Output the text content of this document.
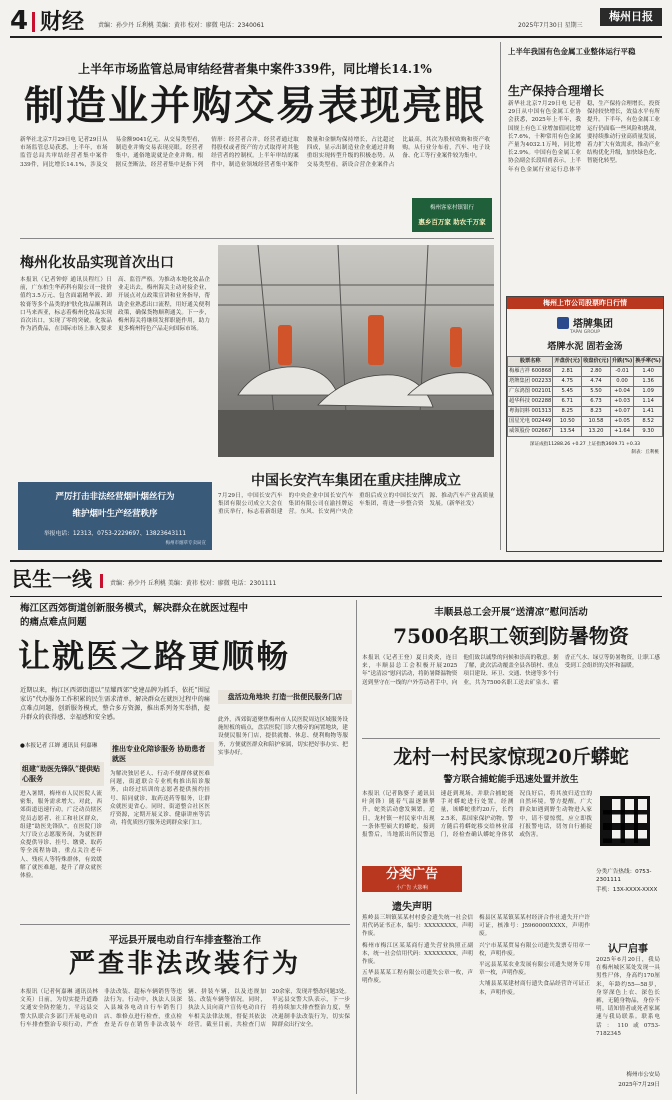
4 财经 责编：孙少丹 丘利桃 美编：黄祎 校对：廖微 电话：2340061	2025年7月30日 星期三
梅州日报
上半年市场监管总局审结经营者集中案件339件，同比增长14.1%
制造业并购交易表现亮眼
新华社北京7月29日电 记者29日从市场监管总局获悉，上半年，市场监管总局共审结经营者集中案件339件，同比增长14.1%，涉及交易金额9041亿元。从交易类型看，制造业并购交易表现亮眼。经营者集中，通俗地说就是企业并购。根据反垄断法，经营者集中是指下列情形：经营者合并，经营者通过取得股权或者资产的方式取得对其他经营者的控制权。上半年审结的案件中，制造业领域经营者集中案件数量和金额均保持增长，占比超过四成，显示出制造业企业通过并购重组实现转型升级的积极态势。从交易类型看，新设合营企业案件占比最高，其次为股权收购和资产收购。从行业分布看，汽车、电子设备、化工等行业案件较为集中。
梅州客家村镇银行
惠乡百万家 助农千万家
梅州化妆品实现首次出口
本报讯（记者钟婷 通讯员程红）日前，广东柏生华药科有限公司一批价值约3.5万元、包含面霜精华液、卸妆膏等多个品类的护肤化妆品顺利出口马来西亚，标志着梅州化妆品实现首次出口，实现了零的突破。化妆品作为消费品，在国际市场上准入要求高、监管严格。为推动本地化妆品企业走出去，梅州海关主动对接企业，开展点对点政策宣讲和业务指导，帮助企业熟悉出口流程，用好通关便利政策，确保货物顺利通关。下一步，梅州海关将继续发挥职能作用，助力更多梅州特色产品走向国际市场。
严厉打击非法经营烟叶烟丝行为
维护烟叶生产经营秩序
举报电话：12313、0753-2229697、13823643111
梅州市烟草专卖局宣
中国长安汽车集团在重庆挂牌成立
7月29日，中国长安汽车集团有限公司成立大会在重庆举行，标志着新组建的中央企业中国长安汽车集团有限公司在渝挂牌运营。东风、长安两户央企重组后成立的中国长安汽车集团，将进一步整合资源、推动汽车产业高质量发展。（新华社发）
上半年我国有色金属工业整体运行平稳
生产保持合理增长
新华社北京7月29日电 记者29日从中国有色金属工业协会获悉，2025年上半年，我国规上有色工业增加值同比增长7.6%，十种常用有色金属产量为4032.1万吨，同比增长2.9%。中国有色金属工业协会副会长段绍甫表示，上半年有色金属行业运行总体平稳，生产保持合理增长，投资保持较快增长，效益水平有所提升。下半年，有色金属工业运行仍面临一些风险和挑战，要持续推动行业高质量发展，着力扩大有效需求，推动产业结构优化升级，加快绿色化、智能化转型。
梅州上市公司股票昨日行情
塔牌集团
TAPAI GROUP
塔牌水泥 固若金汤
股票名称	开盘价(元)	收盘价(元)	升跌(%)	换手率(%)
梅雁吉祥 600868	2.81	2.80	-0.01	1.40
塔牌集团 002233	4.75	4.74	0.00	1.36
广东鸿图 002101	5.45	5.50	+0.04	1.09
超华科技 002288	6.71	6.73	+0.03	1.14
粤海饲料 001313	8.25	8.23	+0.07	1.41
国星光电 002449	10.50	10.58	+0.05	8.52
威领股份 002667	13.54	13.20	+1.64	9.30
深证成指11288.26 +0.27 上证指数3609.71 +0.33
制表：丘利桃
民生一线	责编：孙少丹 丘利桃 美编：黄祎 校对：廖微 电话：2301111
梅江区西郊街道创新服务模式，解决群众在就医过程中
的痛点难点问题
让就医之路更顺畅
近期以来，梅江区西郊街道以“星耀西郊”党建品牌为抓手，依托“围屋家访”代办服务工作积累的民生需求清单，解决群众在就医过程中的痛点难点问题，创新服务模式，整合多方资源，推出系列务实举措，提升群众的获得感、幸福感和安全感。
●本报记者 江婵 通讯员 何嘉琳
组建“助医先锋队”提供贴心服务
进入暑期，梅州市人民医院人流密集，服务需求增大。对此，西郊街道迅速行动，广泛动员辖区党员志愿者、社工和社区群众，组建“助医先锋队”，在医院门诊大厅设立志愿服务岗，为就医群众提供导诊、挂号、缴费、取药等全流程协助，重点关注老年人、残疾人等特殊群体，有效缓解了就医难题，提升了群众就医体验。
推出专业化陪诊服务 协助患者就医
为解决独居老人、行动不便群体就医难问题，街道联合专业机构推出陪诊服务，由经过培训的志愿者提供预约挂号、陪同就诊、取药送药等服务，让群众就医更省心。同时，街道整合社区医疗资源，定期开展义诊、健康讲座等活动，将优质医疗服务送到群众家门口。
盘活边角地块 打造一批便民服务门店
此外，西郊街道聚焦梅州市人民医院周边区域服务设施短板的痛点，盘活医院门诊大楼旁的闲置地块，建设便民服务门店，提供就餐、休息、便利购物等服务，方便就医群众和陪护家属，切实把好事办实、把实事办好。
平远县开展电动自行车排查整治工作
严查非法改装行为
本报讯（记者何嘉琳 通讯员林文英）日前，为切实提升道路交通安全防控能力，平远县交警大队联合多部门开展电动自行车排查整治专项行动，严查非法改装、超标车辆销售等违法行为。行动中，执法人员深入县城各电动自行车销售门店、维修点进行检查，重点检查是否存在销售非法改装车辆、拼装车辆，以及违规加装、改装车辆等情况。同时，执法人员向商户宣传电动自行车相关法律法规，督促其依法经营。截至目前，共检查门店20余家，发现并整改问题3处。平远县交警大队表示，下一步将持续加大排查整治力度，坚决遏制非法改装行为，切实保障群众出行安全。
丰顺县总工会开展“送清凉”慰问活动
7500名职工领到防暑物资
本报讯（记者王登）夏日炎炎，连日来，丰顺县总工会积极开展2025年“送清凉”慰问活动，将防暑降温物资送到坚守在一线的户外劳动者手中，向他们致以诚挚的问候和崇高的敬意。据了解，此次活动覆盖全县各镇村、重点项目建设、环卫、交通、快递等多个行业，共为7500名职工送去矿泉水、藿香正气水、绿豆等防暑物资，让职工感受到工会组织的关怀和温暖。
龙村一村民家惊现20斤蟒蛇
警方联合捕蛇能手迅速处置并放生
本报讯（记者陈婆子 通讯员叶剑锋）随着气温逐渐攀升，蛇类活动愈发频繁。近日，龙村镇一村民家中出现一条体型硕大的蟒蛇，接到报警后，当地派出所民警迅速赶到现场，并联合捕蛇能手对蟒蛇进行处置。经测量，该蟒蛇重约20斤，长约2.5米，系国家保护动物。警方随后将蟒蛇移交给林业部门，经检查确认蟒蛇身体状况良好后，将其放归适宜的自然环境。警方提醒，广大群众如遇到野生动物进入家中，请不要惊慌，应立即拨打报警电话，切勿自行捕捉或伤害。
分类广告
小广告 大影响
遗失声明
蕉岭县三圳镇某某村村委会遗失统一社会信用代码证书正本，编号：XXXXXXXX，声明作废。
梅州市梅江区某某商行遗失营业执照正副本，统一社会信用代码：XXXXXXXX，声明作废。
五华县某某工程有限公司遗失公章一枚，声明作废。
梅县区某某镇某某村经济合作社遗失开户许可证，核准号：J5960000XXXX，声明作废。
兴宁市某某贸易有限公司遗失发票专用章一枚，声明作废。
平远县某某农业发展有限公司遗失财务专用章一枚，声明作废。
大埔县某某建材商行遗失食品经营许可证正本，声明作废。
分类广告热线：0753-2301111
手机：13X-XXXX-XXXX
认尸启事
2025年6月20日，我局在梅州城区某处发现一具男性尸体，身高约170厘米，年龄约55—58岁，身穿深色上衣、深色长裤，无随身物品，身份不明。请知情者或死者家属速与我局联系。联系电话：110或0753-7182345
梅州市公安局
2025年7月29日
